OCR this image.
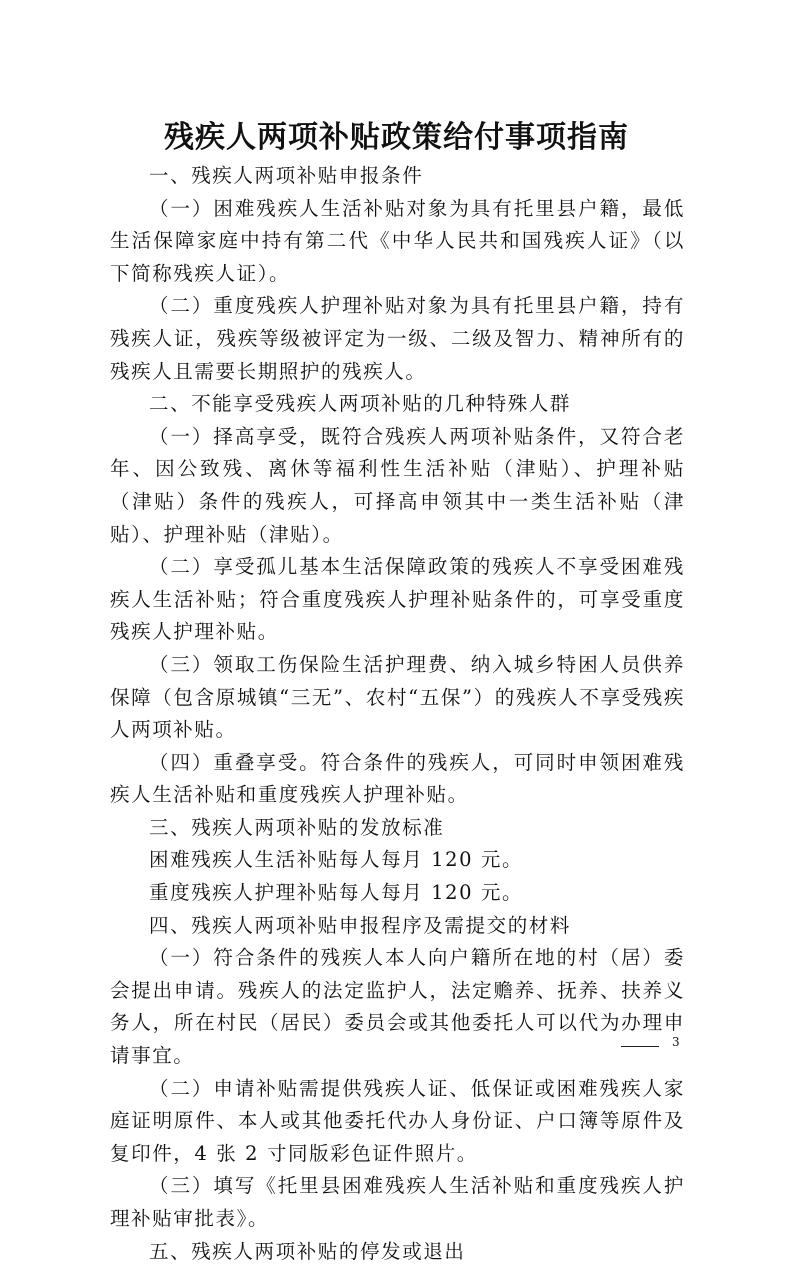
残疾人两项补贴政策给付事项指南

一、残疾人两项补贴申报条件

（一）困难残疾人生活补贴对象为具有托里县户籍，最低生活保障家庭中持有第二代《中华人民共和国残疾人证》（以下简称残疾人证）。

（二）重度残疾人护理补贴对象为具有托里县户籍，持有残疾人证，残疾等级被评定为一级、二级及智力、精神所有的残疾人且需要长期照护的残疾人。

二、不能享受残疾人两项补贴的几种特殊人群

（一）择高享受，既符合残疾人两项补贴条件，又符合老年、因公致残、离休等福利性生活补贴（津贴）、护理补贴（津贴）条件的残疾人，可择高申领其中一类生活补贴（津贴）、护理补贴（津贴）。

（二）享受孤儿基本生活保障政策的残疾人不享受困难残疾人生活补贴；符合重度残疾人护理补贴条件的，可享受重度残疾人护理补贴。

（三）领取工伤保险生活护理费、纳入城乡特困人员供养保障（包含原城镇“三无”、农村“五保”）的残疾人不享受残疾人两项补贴。

（四）重叠享受。符合条件的残疾人，可同时申领困难残疾人生活补贴和重度残疾人护理补贴。

三、残疾人两项补贴的发放标准

困难残疾人生活补贴每人每月 120 元。

重度残疾人护理补贴每人每月 120 元。

四、残疾人两项补贴申报程序及需提交的材料

（一）符合条件的残疾人本人向户籍所在地的村（居）委会提出申请。残疾人的法定监护人，法定赡养、抚养、扶养义务人，所在村民（居民）委员会或其他委托人可以代为办理申请事宜。

（二）申请补贴需提供残疾人证、低保证或困难残疾人家庭证明原件、本人或其他委托代办人身份证、户口簿等原件及复印件，4 张 2 寸同版彩色证件照片。

（三）填写《托里县困难残疾人生活补贴和重度残疾人护理补贴审批表》。

五、残疾人两项补贴的停发或退出

3
